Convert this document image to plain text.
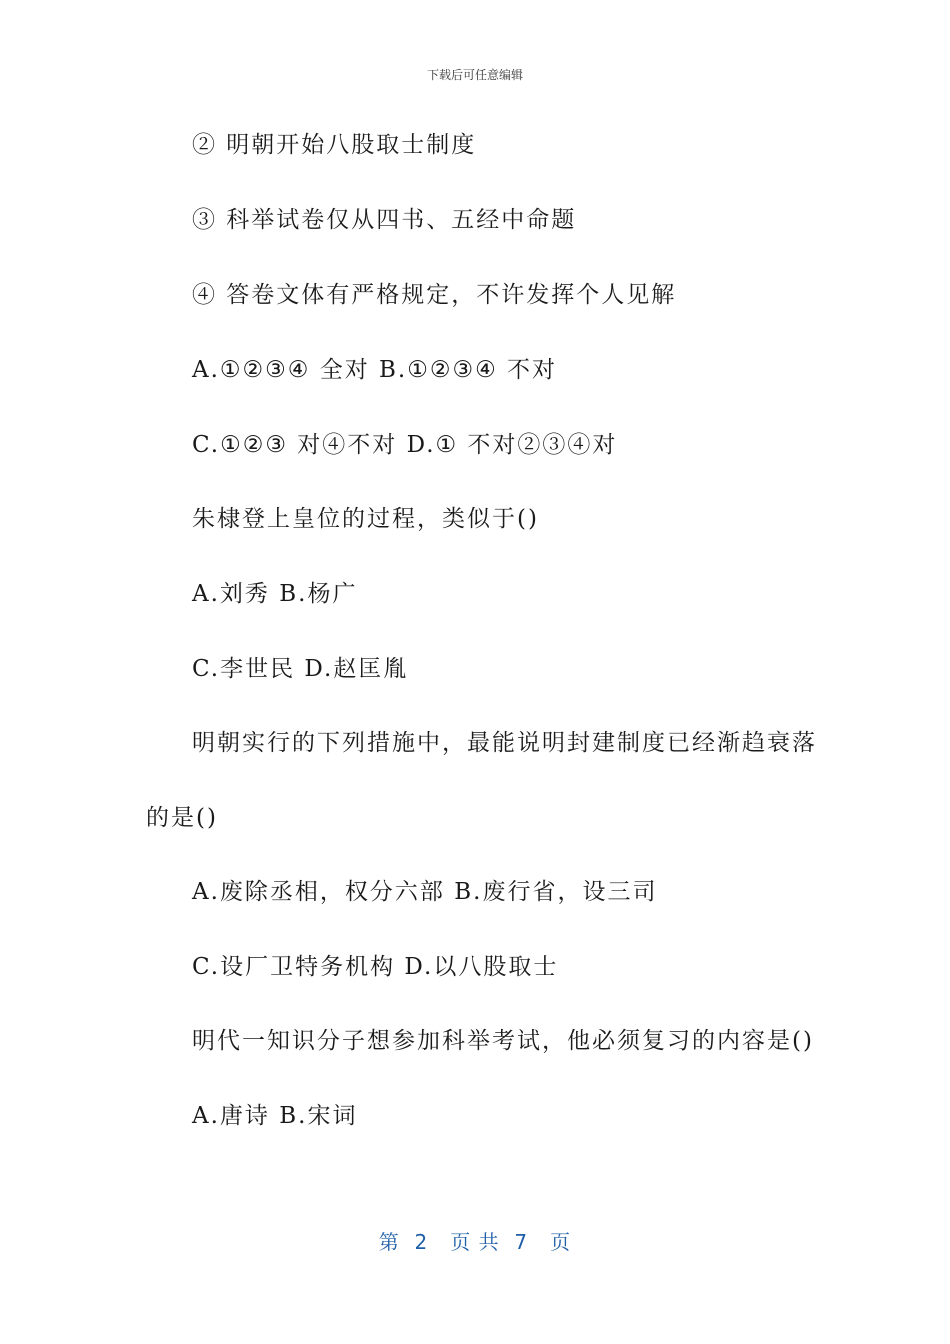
下载后可任意编辑
② 明朝开始八股取士制度
③ 科举试卷仅从四书、五经中命题
④ 答卷文体有严格规定，不许发挥个人见解
A.①②③④ 全对 B.①②③④ 不对
C.①②③ 对④不对 D.① 不对②③④对
朱棣登上皇位的过程，类似于()
A.刘秀 B.杨广
C.李世民 D.赵匡胤
明朝实行的下列措施中，最能说明封建制度已经渐趋衰落
的是()
A.废除丞相，权分六部 B.废行省，设三司
C.设厂卫特务机构 D.以八股取士
明代一知识分子想参加科举考试，他必须复习的内容是()
A.唐诗 B.宋词
第  2   页 共  7   页
